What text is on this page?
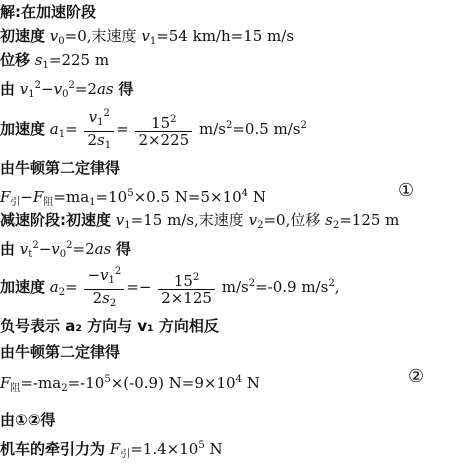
解:在加速阶段
初速度 $v_0=0$,末速度 $v_1=54$ km/h=15 m/s
位移 $s_1=225$ m
由 $v_1^2-v_0^2=2as$ 得
加速度 $a_1= \frac{v_1^2}{2s_1} = \frac{15^2}{2\times 225} m/s^2=0.5$ $m/s^2$
由牛顿第二定律得
$F_引-F_阻=ma_1=10^5\times 0.5$ $N=5\times 10^4$ N	①
减速阶段:初速度 $v_1=15$ m/s,末速度 $v_2=0$,位移 $s_2=125$ m
由 $v_t^2-v_0^2=2as$ 得
加速度 $a_2= \frac{-v_1^2}{2s_2} =- \frac{15^2}{2\times 125} m/s^2=-0.9$ $m/s^2$,
负号表示 a₂ 方向与 v₁ 方向相反
由牛顿第二定律得
$F_阻=-ma_2=-10^5\times(-0.9)$ $N=9\times 10^4$ N	②
由①②得
机车的牵引力为 $F_引=1.4\times 10^5$ N
